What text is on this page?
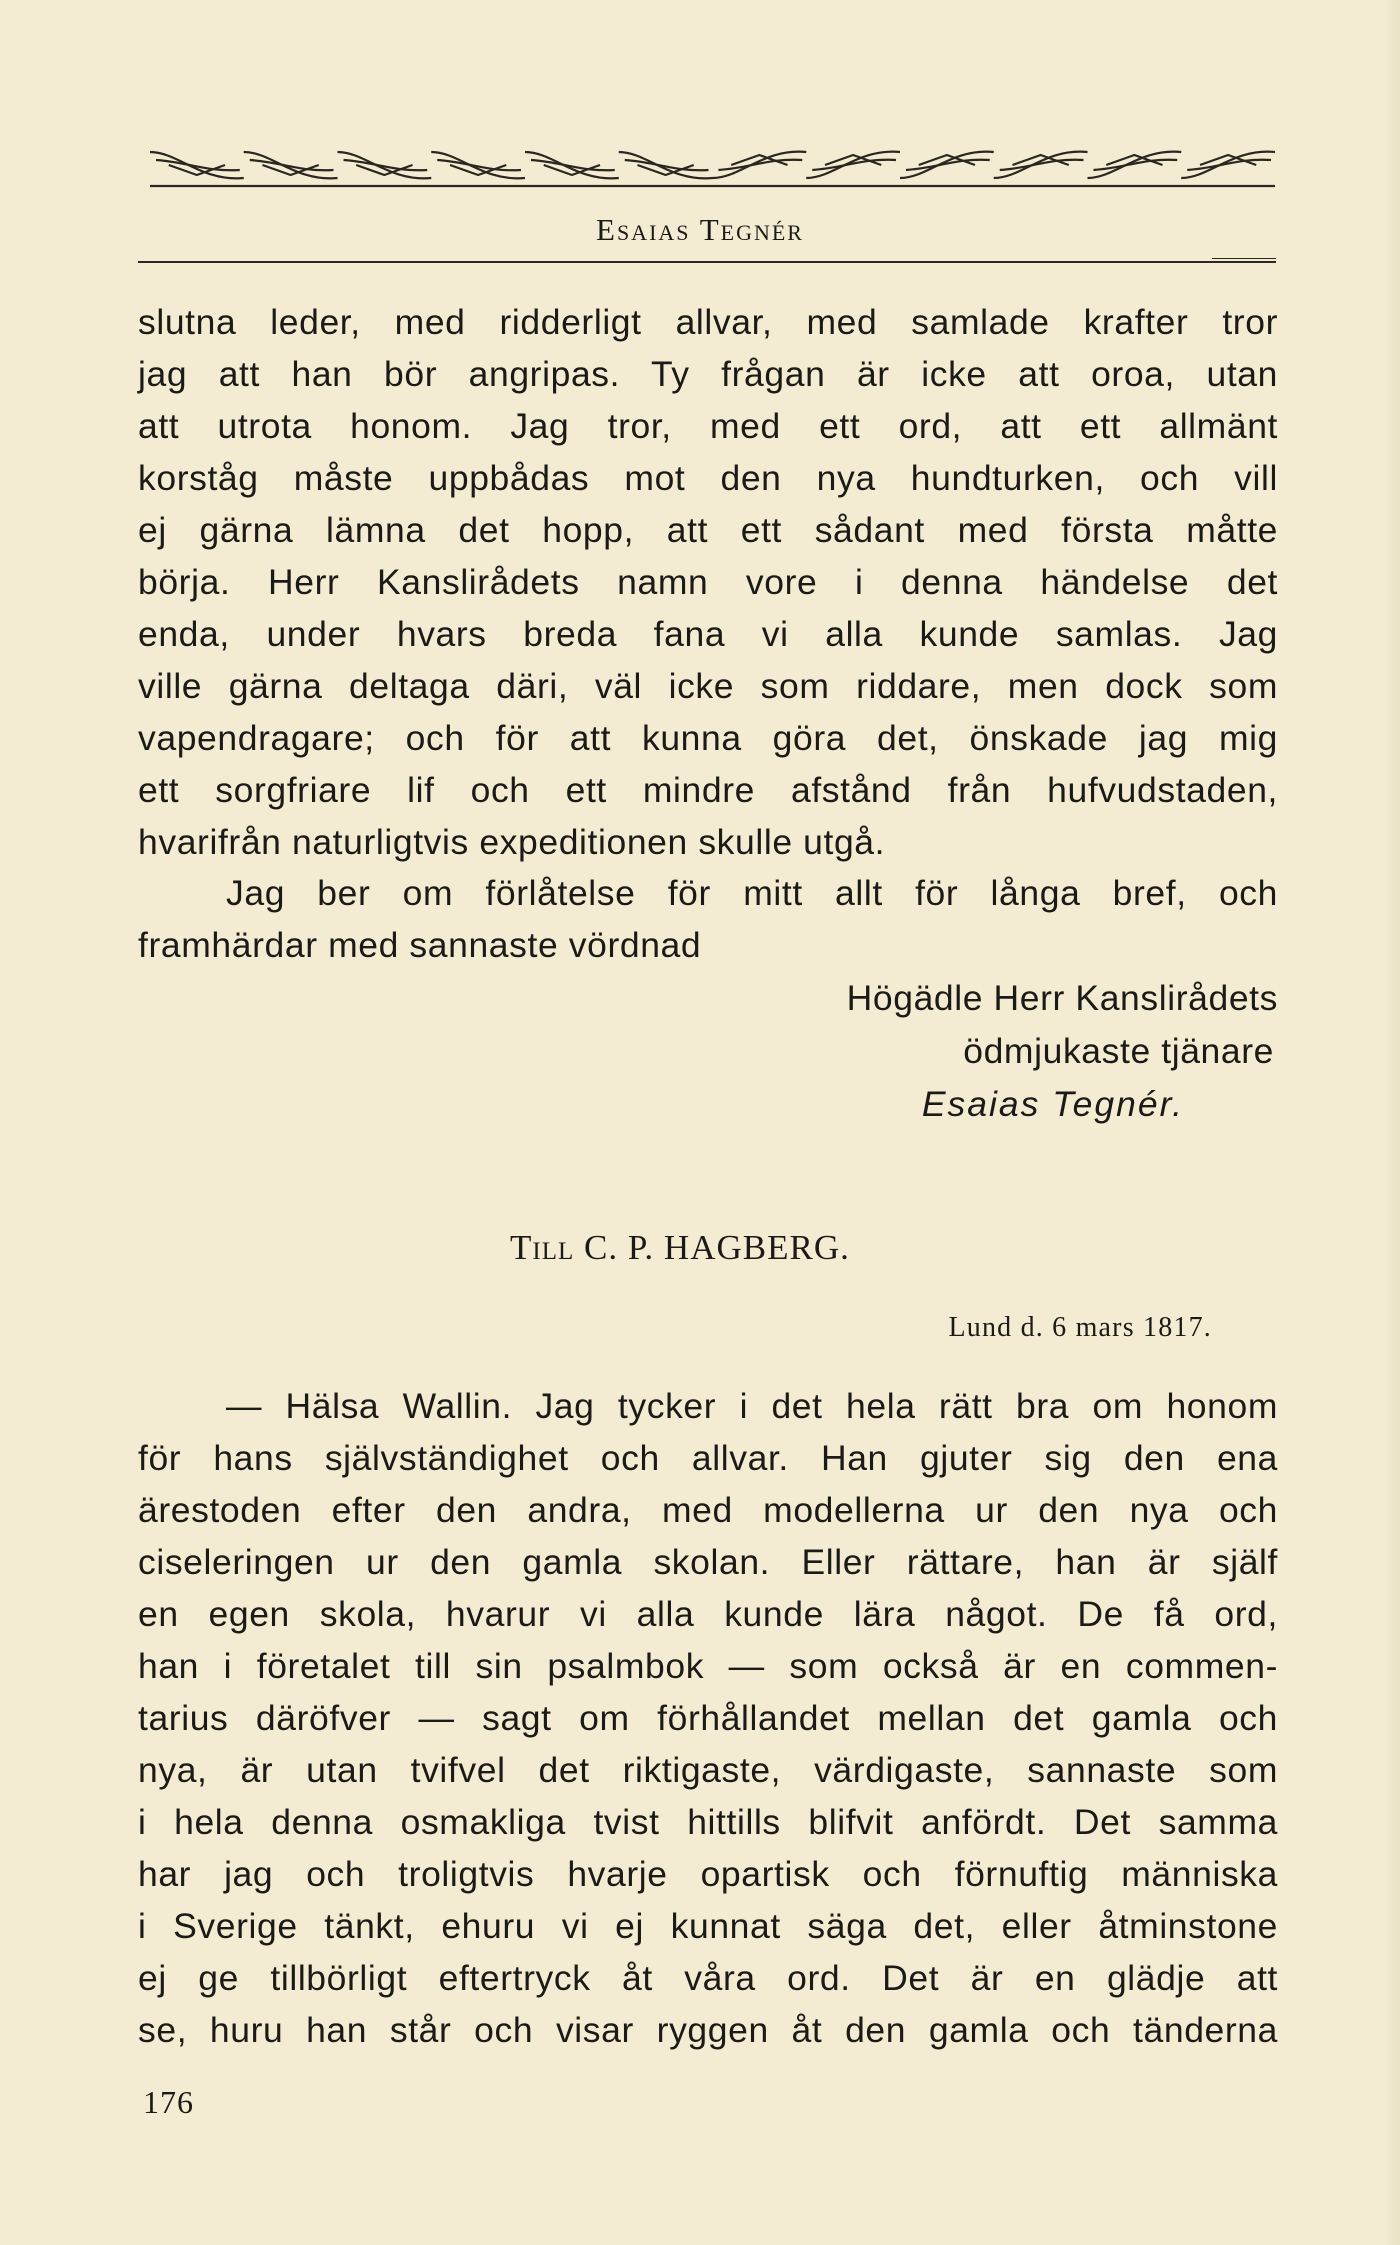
Esaias Tegnér
slutna leder, med ridderligt allvar, med samlade krafter tror
jag att han bör angripas. Ty frågan är icke att oroa, utan
att utrota honom. Jag tror, med ett ord, att ett allmänt
korståg måste uppbådas mot den nya hundturken, och vill
ej gärna lämna det hopp, att ett sådant med första måtte
börja. Herr Kanslirådets namn vore i denna händelse det
enda, under hvars breda fana vi alla kunde samlas. Jag
ville gärna deltaga däri, väl icke som riddare, men dock som
vapendragare; och för att kunna göra det, önskade jag mig
ett sorgfriare lif och ett mindre afstånd från hufvudstaden,
hvarifrån naturligtvis expeditionen skulle utgå.
Jag ber om förlåtelse för mitt allt för långa bref, och
framhärdar med sannaste vördnad
Högädle Herr Kanslirådets
ödmjukaste tjänare
Esaias Tegnér.
Till C. P. HAGBERG.
Lund d. 6 mars 1817.
— Hälsa Wallin. Jag tycker i det hela rätt bra om honom
för hans självständighet och allvar. Han gjuter sig den ena
ärestoden efter den andra, med modellerna ur den nya och
ciseleringen ur den gamla skolan. Eller rättare, han är själf
en egen skola, hvarur vi alla kunde lära något. De få ord,
han i företalet till sin psalmbok — som också är en commen-
tarius däröfver — sagt om förhållandet mellan det gamla och
nya, är utan tvifvel det riktigaste, värdigaste, sannaste som
i hela denna osmakliga tvist hittills blifvit anfördt. Det samma
har jag och troligtvis hvarje opartisk och förnuftig människa
i Sverige tänkt, ehuru vi ej kunnat säga det, eller åtminstone
ej ge tillbörligt eftertryck åt våra ord. Det är en glädje att
se, huru han står och visar ryggen åt den gamla och tänderna
176
